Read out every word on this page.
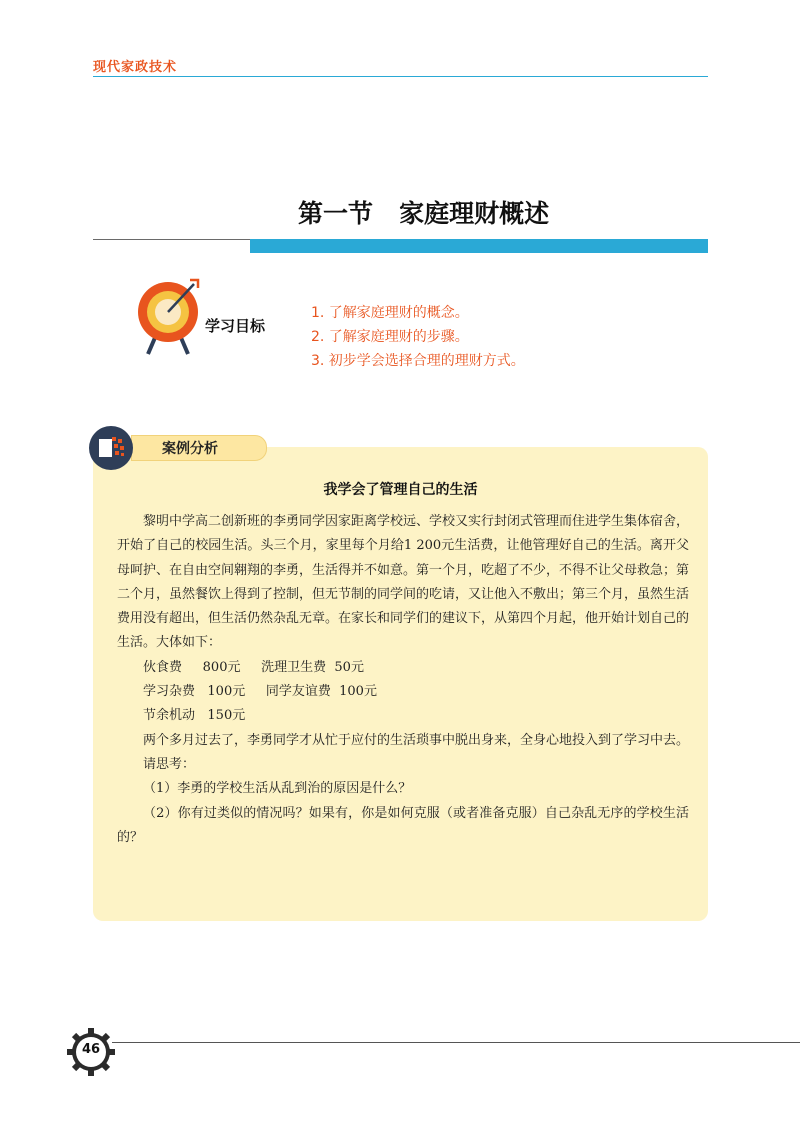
现代家政技术
第一节   家庭理财概述
学习目标
1. 了解家庭理财的概念。
2. 了解家庭理财的步骤。
3. 初步学会选择合理的理财方式。
案例分析
我学会了管理自己的生活

黎明中学高二创新班的李勇同学因家距离学校远、学校又实行封闭式管理而住进学生集体宿舍，开始了自己的校园生活。头三个月，家里每个月给1 200元生活费，让他管理好自己的生活。离开父母呵护、在自由空间翱翔的李勇，生活得并不如意。第一个月，吃超了不少，不得不让父母救急；第二个月，虽然餐饮上得到了控制，但无节制的同学间的吃请，又让他入不敷出；第三个月，虽然生活费用没有超出，但生活仍然杂乱无章。在家长和同学们的建议下，从第四个月起，他开始计划自己的生活。大体如下：

伙食费     800元     洗理卫生费  50元

学习杂费   100元     同学友谊费  100元

节余机动   150元

两个多月过去了，李勇同学才从忙于应付的生活琐事中脱出身来，全身心地投入到了学习中去。

请思考：

（1）李勇的学校生活从乱到治的原因是什么？

（2）你有过类似的情况吗？如果有，你是如何克服（或者准备克服）自己杂乱无序的学校生活的？

46
